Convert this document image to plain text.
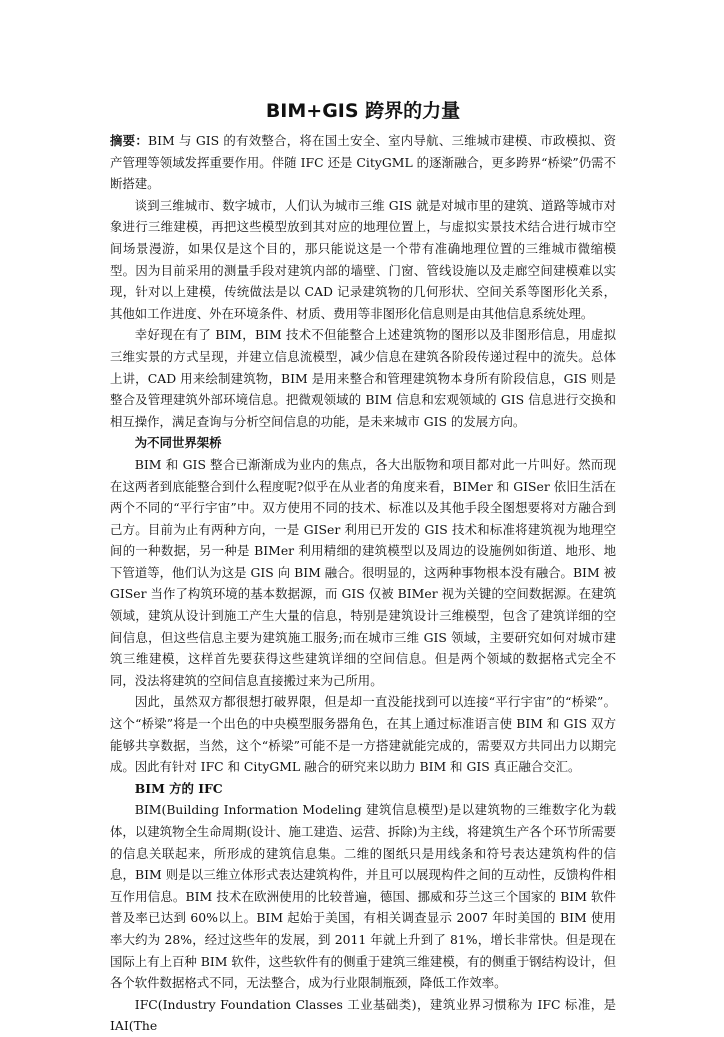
BIM+GIS 跨界的力量

摘要：BIM 与 GIS 的有效整合，将在国土安全、室内导航、三维城市建模、市政模拟、资产管理等领域发挥重要作用。伴随 IFC 还是 CityGML 的逐渐融合，更多跨界“桥梁”仍需不断搭建。

谈到三维城市、数字城市，人们认为城市三维 GIS 就是对城市里的建筑、道路等城市对象进行三维建模，再把这些模型放到其对应的地理位置上，与虚拟实景技术结合进行城市空间场景漫游，如果仅是这个目的，那只能说这是一个带有准确地理位置的三维城市微缩模型。因为目前采用的测量手段对建筑内部的墙壁、门窗、管线设施以及走廊空间建模难以实现，针对以上建模，传统做法是以 CAD 记录建筑物的几何形状、空间关系等图形化关系，其他如工作进度、外在环境条件、材质、费用等非图形化信息则是由其他信息系统处理。

幸好现在有了 BIM，BIM 技术不但能整合上述建筑物的图形以及非图形信息，用虚拟三维实景的方式呈现，并建立信息流模型，减少信息在建筑各阶段传递过程中的流失。总体上讲，CAD 用来绘制建筑物，BIM 是用来整合和管理建筑物本身所有阶段信息，GIS 则是整合及管理建筑外部环境信息。把微观领域的 BIM 信息和宏观领域的 GIS 信息进行交换和相互操作，满足查询与分析空间信息的功能，是未来城市 GIS 的发展方向。

为不同世界架桥

BIM 和 GIS 整合已渐渐成为业内的焦点，各大出版物和项目都对此一片叫好。然而现在这两者到底能整合到什么程度呢?似乎在从业者的角度来看，BIMer 和 GISer 依旧生活在两个不同的“平行宇宙”中。双方使用不同的技术、标准以及其他手段全图想要将对方融合到己方。目前为止有两种方向，一是 GISer 利用已开发的 GIS 技术和标准将建筑视为地理空间的一种数据，另一种是 BIMer 利用精细的建筑模型以及周边的设施例如街道、地形、地下管道等，他们认为这是 GIS 向 BIM 融合。很明显的，这两种事物根本没有融合。BIM 被 GISer 当作了构筑环境的基本数据源，而 GIS 仅被 BIMer 视为关键的空间数据源。在建筑领域，建筑从设计到施工产生大量的信息，特别是建筑设计三维模型，包含了建筑详细的空间信息，但这些信息主要为建筑施工服务;而在城市三维 GIS 领域，主要研究如何对城市建筑三维建模，这样首先要获得这些建筑详细的空间信息。但是两个领域的数据格式完全不同，没法将建筑的空间信息直接搬过来为己所用。

因此，虽然双方都很想打破界限，但是却一直没能找到可以连接“平行宇宙”的“桥梁”。这个“桥梁”将是一个出色的中央模型服务器角色，在其上通过标准语言使 BIM 和 GIS 双方能够共享数据，当然，这个“桥梁”可能不是一方搭建就能完成的，需要双方共同出力以期完成。因此有针对 IFC 和 CityGML 融合的研究来以助力 BIM 和 GIS 真正融合交汇。

BIM 方的 IFC

BIM(Building Information Modeling 建筑信息模型)是以建筑物的三维数字化为载体，以建筑物全生命周期(设计、施工建造、运营、拆除)为主线，将建筑生产各个环节所需要的信息关联起来，所形成的建筑信息集。二维的图纸只是用线条和符号表达建筑构件的信息，BIM 则是以三维立体形式表达建筑构件，并且可以展现构件之间的互动性，反馈构件相互作用信息。BIM 技术在欧洲使用的比较普遍，德国、挪威和芬兰这三个国家的 BIM 软件普及率已达到 60%以上。BIM 起始于美国，有相关调查显示 2007 年时美国的 BIM 使用率大约为 28%，经过这些年的发展，到 2011 年就上升到了 81%，增长非常快。但是现在国际上有上百种 BIM 软件，这些软件有的侧重于建筑三维建模，有的侧重于钢结构设计，但各个软件数据格式不同，无法整合，成为行业限制瓶颈，降低工作效率。

IFC(Industry Foundation Classes 工业基础类)，建筑业界习惯称为 IFC 标准，是 IAI(The
